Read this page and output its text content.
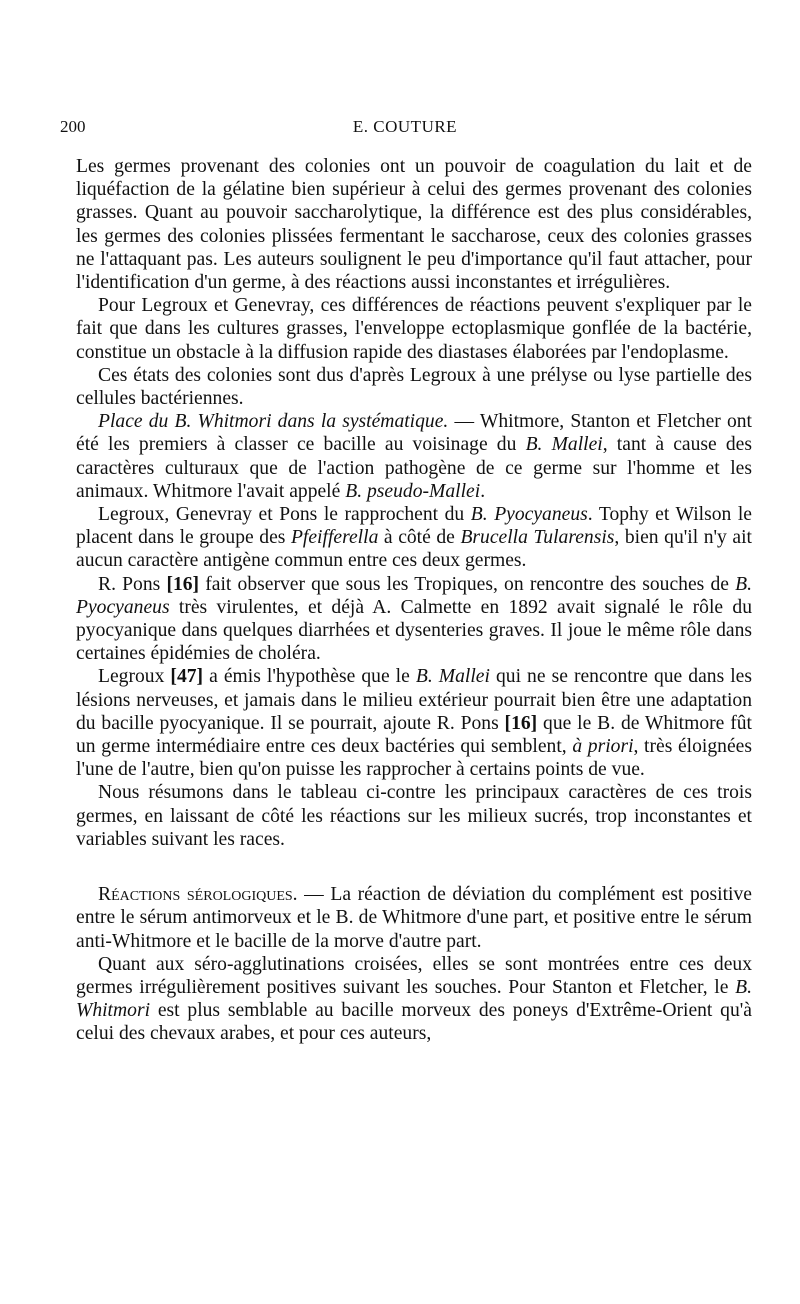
200	E. COUTURE

Les germes provenant des colonies ont un pouvoir de coagulation du lait et de liquéfaction de la gélatine bien supérieur à celui des germes provenant des colonies grasses. Quant au pouvoir saccharolytique, la différence est des plus considérables, les germes des colonies plissées fermentant le saccharose, ceux des colonies grasses ne l'attaquant pas. Les auteurs soulignent le peu d'importance qu'il faut attacher, pour l'identification d'un germe, à des réactions aussi inconstantes et irrégulières.

Pour Legroux et Genevray, ces différences de réactions peuvent s'expliquer par le fait que dans les cultures grasses, l'enveloppe ectoplasmique gonflée de la bactérie, constitue un obstacle à la diffusion rapide des diastases élaborées par l'endoplasme.

Ces états des colonies sont dus d'après Legroux à une prélyse ou lyse partielle des cellules bactériennes.

Place du B. Whitmori dans la systématique. — Whitmore, Stanton et Fletcher ont été les premiers à classer ce bacille au voisinage du B. Mallei, tant à cause des caractères culturaux que de l'action pathogène de ce germe sur l'homme et les animaux. Whitmore l'avait appelé B. pseudo-Mallei.

Legroux, Genevray et Pons le rapprochent du B. Pyocyaneus. Tophy et Wilson le placent dans le groupe des Pfeifferella à côté de Brucella Tularensis, bien qu'il n'y ait aucun caractère antigène commun entre ces deux germes.

R. Pons [16] fait observer que sous les Tropiques, on rencontre des souches de B. Pyocyaneus très virulentes, et déjà A. Calmette en 1892 avait signalé le rôle du pyocyanique dans quelques diarrhées et dysenteries graves. Il joue le même rôle dans certaines épidémies de choléra.

Legroux [47] a émis l'hypothèse que le B. Mallei qui ne se rencontre que dans les lésions nerveuses, et jamais dans le milieu extérieur pourrait bien être une adaptation du bacille pyocyanique. Il se pourrait, ajoute R. Pons [16] que le B. de Whitmore fût un germe intermédiaire entre ces deux bactéries qui semblent, à priori, très éloignées l'une de l'autre, bien qu'on puisse les rapprocher à certains points de vue.

Nous résumons dans le tableau ci-contre les principaux caractères de ces trois germes, en laissant de côté les réactions sur les milieux sucrés, trop inconstantes et variables suivant les races.

Réactions sérologiques. — La réaction de déviation du complément est positive entre le sérum antimorveux et le B. de Whitmore d'une part, et positive entre le sérum anti-Whitmore et le bacille de la morve d'autre part.

Quant aux séro-agglutinations croisées, elles se sont montrées entre ces deux germes irrégulièrement positives suivant les souches. Pour Stanton et Fletcher, le B. Whitmori est plus semblable au bacille morveux des poneys d'Extrême-Orient qu'à celui des chevaux arabes, et pour ces auteurs,
